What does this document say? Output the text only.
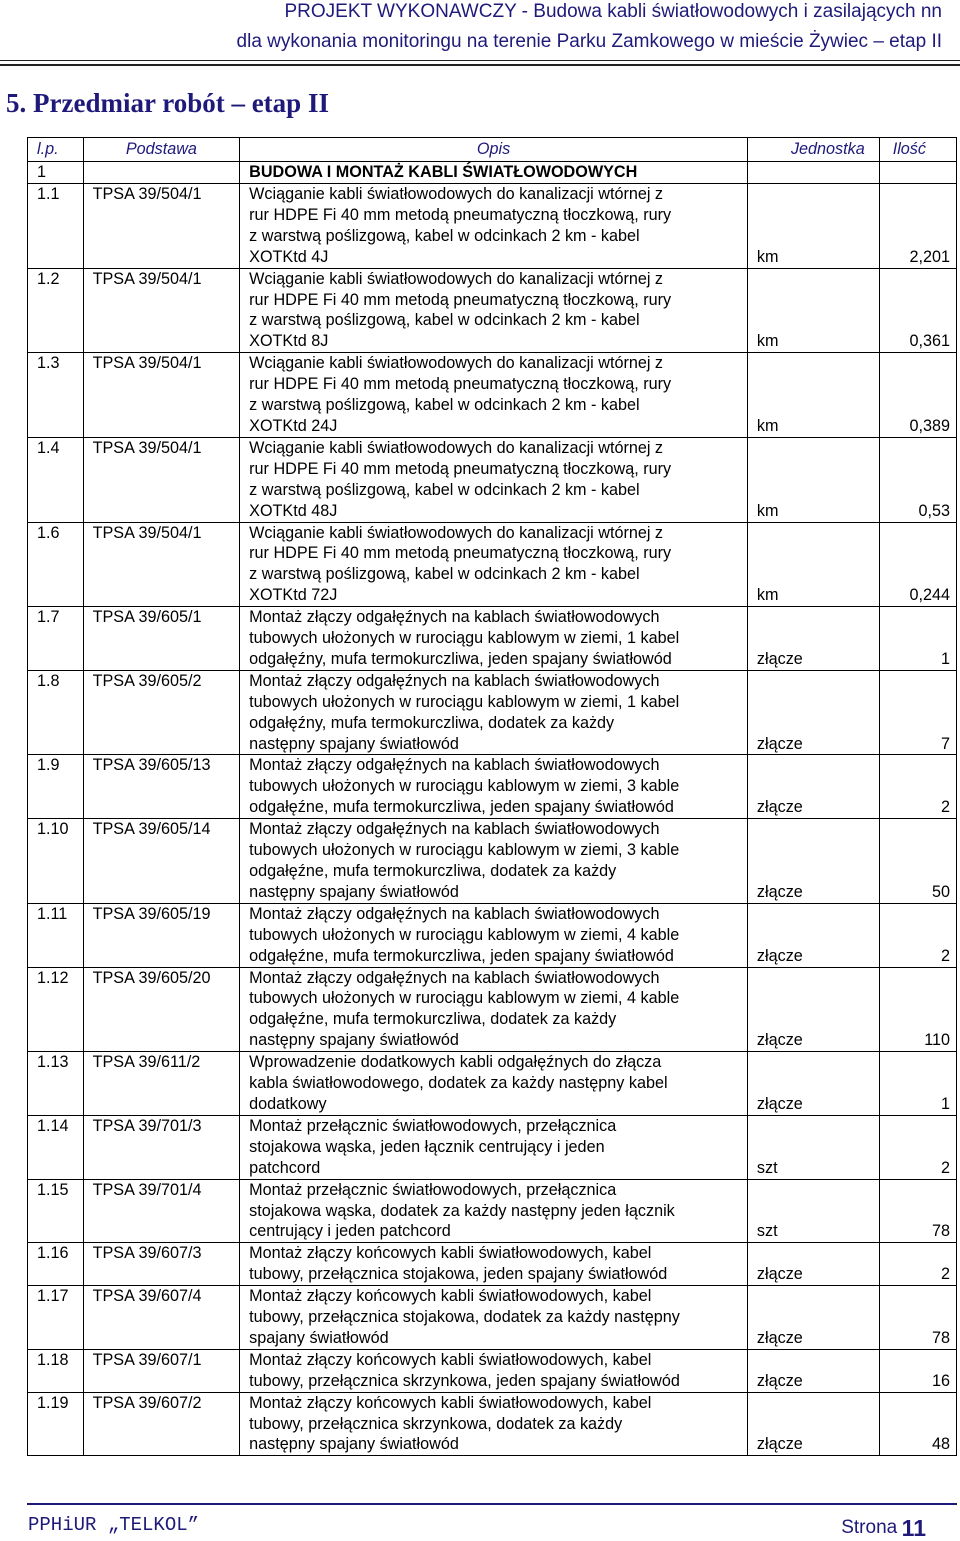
PROJEKT WYKONAWCZY - Budowa kabli światłowodowych i zasilających nn
dla wykonania monitoringu na terenie Parku Zamkowego w mieście Żywiec – etap II
5. Przedmiar robót – etap II
l.p.	Podstawa	Opis	Jednostka	Ilość
1		BUDOWA I MONTAŻ KABLI ŚWIATŁOWODOWYCH		
1.1	TPSA 39/504/1	Wciąganie kabli światłowodowych do kanalizacji wtórnej z
rur HDPE Fi 40 mm metodą pneumatyczną tłoczkową, rury
z warstwą poślizgową, kabel w odcinkach 2 km - kabel
XOTKtd 4J	km	2,201

1.2	TPSA 39/504/1	Wciąganie kabli światłowodowych do kanalizacji wtórnej z
rur HDPE Fi 40 mm metodą pneumatyczną tłoczkową, rury
z warstwą poślizgową, kabel w odcinkach 2 km - kabel
XOTKtd 8J	km	0,361

1.3	TPSA 39/504/1	Wciąganie kabli światłowodowych do kanalizacji wtórnej z
rur HDPE Fi 40 mm metodą pneumatyczną tłoczkową, rury
z warstwą poślizgową, kabel w odcinkach 2 km - kabel
XOTKtd 24J	km	0,389

1.4	TPSA 39/504/1	Wciąganie kabli światłowodowych do kanalizacji wtórnej z
rur HDPE Fi 40 mm metodą pneumatyczną tłoczkową, rury
z warstwą poślizgową, kabel w odcinkach 2 km - kabel
XOTKtd 48J	km	0,53

1.6	TPSA 39/504/1	Wciąganie kabli światłowodowych do kanalizacji wtórnej z
rur HDPE Fi 40 mm metodą pneumatyczną tłoczkową, rury
z warstwą poślizgową, kabel w odcinkach 2 km - kabel
XOTKtd 72J	km	0,244

1.7	TPSA 39/605/1	Montaż złączy odgałęźnych na kablach światłowodowych
tubowych ułożonych w rurociągu kablowym w ziemi, 1 kabel
odgałęźny, mufa termokurczliwa, jeden spajany światłowód	złącze	1

1.8	TPSA 39/605/2	Montaż złączy odgałęźnych na kablach światłowodowych
tubowych ułożonych w rurociągu kablowym w ziemi, 1 kabel
odgałęźny, mufa termokurczliwa, dodatek za każdy
następny spajany światłowód	złącze	7

1.9	TPSA 39/605/13	Montaż złączy odgałęźnych na kablach światłowodowych
tubowych ułożonych w rurociągu kablowym w ziemi, 3 kable
odgałęźne, mufa termokurczliwa, jeden spajany światłowód	złącze	2

1.10	TPSA 39/605/14	Montaż złączy odgałęźnych na kablach światłowodowych
tubowych ułożonych w rurociągu kablowym w ziemi, 3 kable
odgałęźne, mufa termokurczliwa, dodatek za każdy
następny spajany światłowód	złącze	50

1.11	TPSA 39/605/19	Montaż złączy odgałęźnych na kablach światłowodowych
tubowych ułożonych w rurociągu kablowym w ziemi, 4 kable
odgałęźne, mufa termokurczliwa, jeden spajany światłowód	złącze	2

1.12	TPSA 39/605/20	Montaż złączy odgałęźnych na kablach światłowodowych
tubowych ułożonych w rurociągu kablowym w ziemi, 4 kable
odgałęźne, mufa termokurczliwa, dodatek za każdy
następny spajany światłowód	złącze	110

1.13	TPSA 39/611/2	Wprowadzenie dodatkowych kabli odgałęźnych do złącza
kabla światłowodowego, dodatek za każdy następny kabel
dodatkowy	złącze	1

1.14	TPSA 39/701/3	Montaż przełącznic światłowodowych, przełącznica
stojakowa wąska, jeden łącznik centrujący i jeden
patchcord	szt	2

1.15	TPSA 39/701/4	Montaż przełącznic światłowodowych, przełącznica
stojakowa wąska, dodatek za każdy następny jeden łącznik
centrujący i jeden patchcord	szt	78

1.16	TPSA 39/607/3	Montaż złączy końcowych kabli światłowodowych, kabel
tubowy, przełącznica stojakowa, jeden spajany światłowód	złącze	2

1.17	TPSA 39/607/4	Montaż złączy końcowych kabli światłowodowych, kabel
tubowy, przełącznica stojakowa, dodatek za każdy następny
spajany światłowód	złącze	78

1.18	TPSA 39/607/1	Montaż złączy końcowych kabli światłowodowych, kabel
tubowy, przełącznica skrzynkowa, jeden spajany światłowód	złącze	16

1.19	TPSA 39/607/2	Montaż złączy końcowych kabli światłowodowych, kabel
tubowy, przełącznica skrzynkowa, dodatek za każdy
następny spajany światłowód	złącze	48
PPHiUR „TELKOL”	Strona 11
